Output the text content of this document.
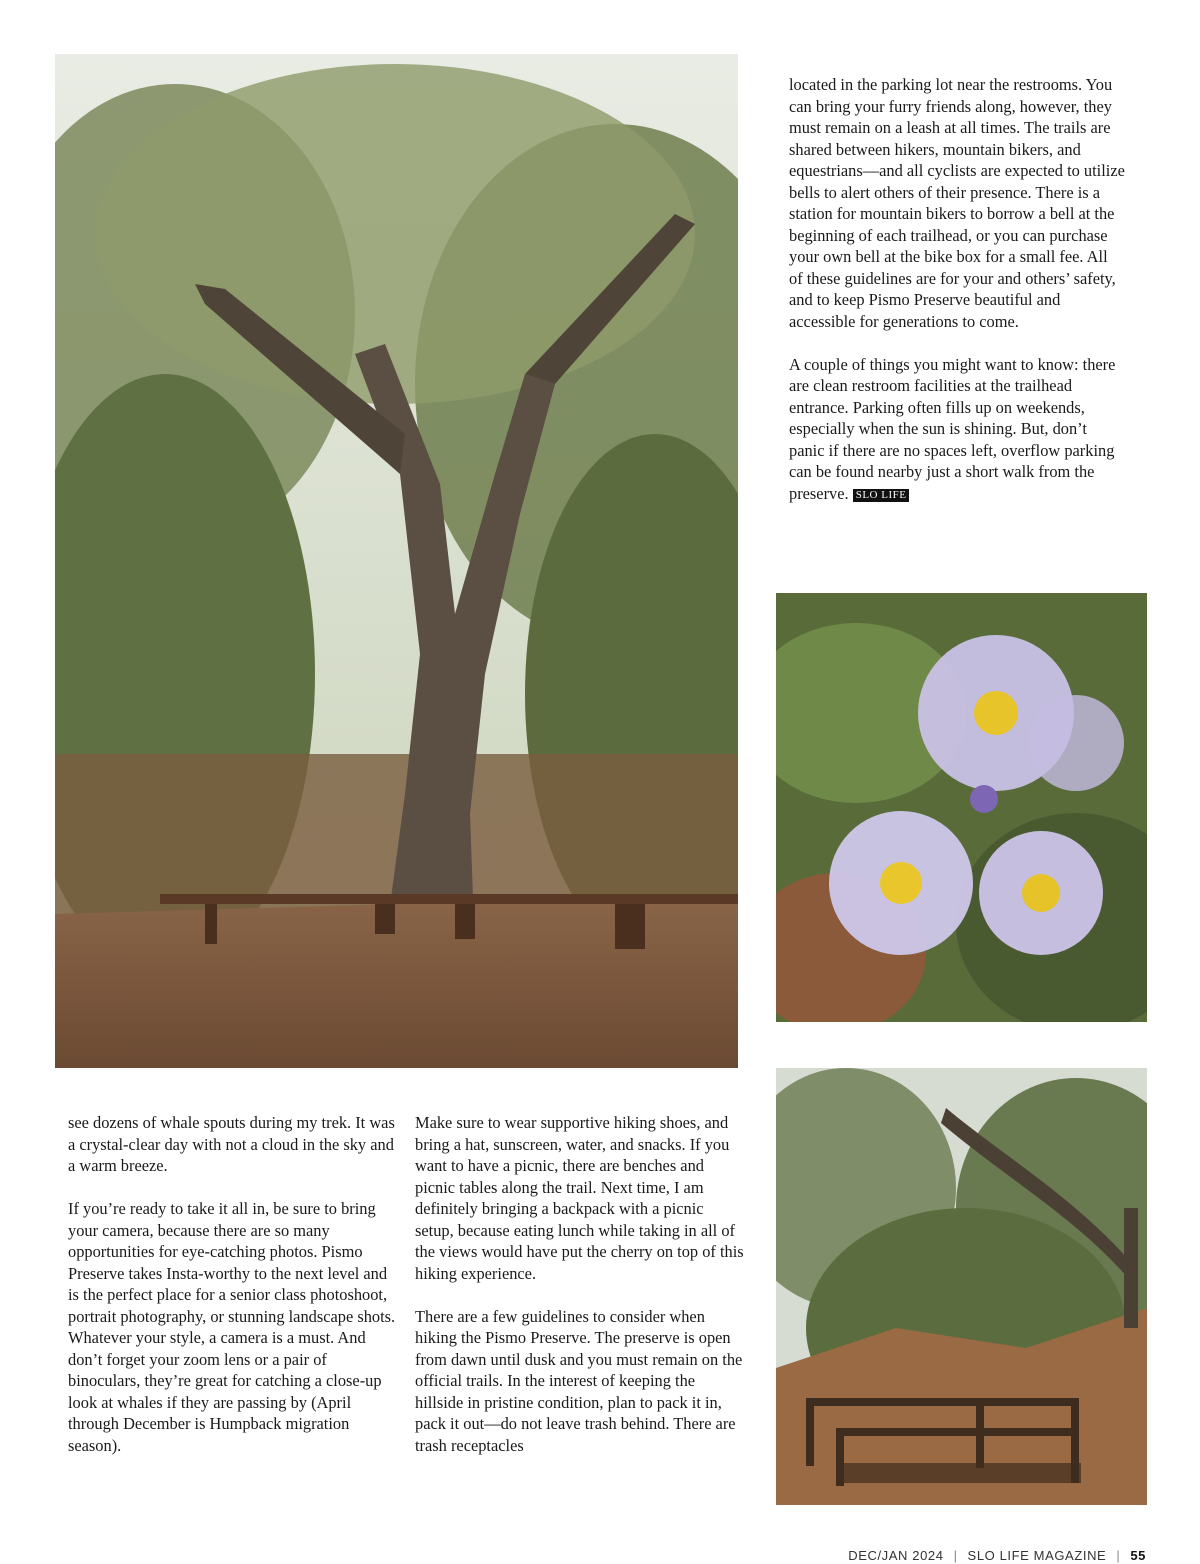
see dozens of whale spouts during my trek. It was a crystal-clear day with not a cloud in the sky and a warm breeze.

If you’re ready to take it all in, be sure to bring your camera, because there are so many opportunities for eye-catching photos. Pismo Preserve takes Insta-worthy to the next level and is the perfect place for a senior class photoshoot, portrait photography, or stunning landscape shots. Whatever your style, a camera is a must. And don’t forget your zoom lens or a pair of binoculars, they’re great for catching a close-up look at whales if they are passing by (April through December is Humpback migration season).

Make sure to wear supportive hiking shoes, and bring a hat, sunscreen, water, and snacks. If you want to have a picnic, there are benches and picnic tables along the trail. Next time, I am definitely bringing a backpack with a picnic setup, because eating lunch while taking in all of the views would have put the cherry on top of this hiking experience.

There are a few guidelines to consider when hiking the Pismo Preserve. The preserve is open from dawn until dusk and you must remain on the official trails. In the interest of keeping the hillside in pristine condition, plan to pack it in, pack it out—do not leave trash behind. There are trash receptacles

located in the parking lot near the restrooms. You can bring your furry friends along, however, they must remain on a leash at all times. The trails are shared between hikers, mountain bikers, and equestrians—and all cyclists are expected to utilize bells to alert others of their presence. There is a station for mountain bikers to borrow a bell at the beginning of each trailhead, or you can purchase your own bell at the bike box for a small fee. All of these guidelines are for your and others’ safety, and to keep Pismo Preserve beautiful and accessible for generations to come.

A couple of things you might want to know: there are clean restroom facilities at the trailhead entrance. Parking often fills up on weekends, especially when the sun is shining. But, don’t panic if there are no spaces left, overflow parking can be found nearby just a short walk from the preserve. SLO LIFE

DEC/JAN 2024 | SLO LIFE MAGAZINE | 55
